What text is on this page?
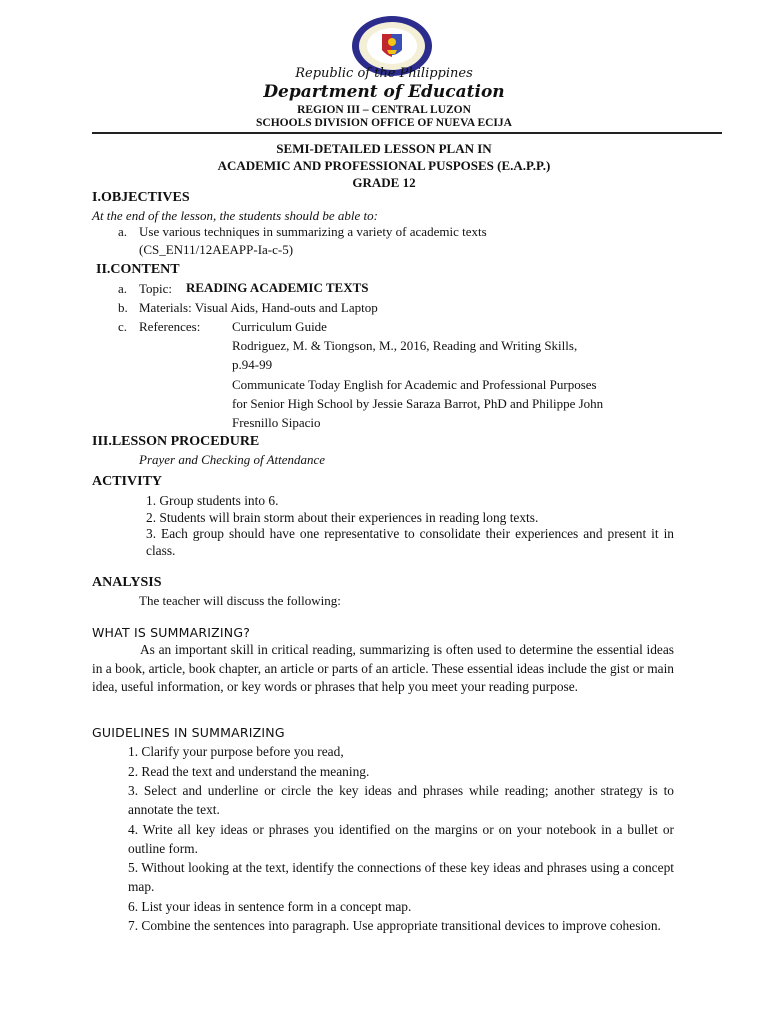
Republic of the Philippines
Department of Education
REGION III – CENTRAL LUZON
SCHOOLS DIVISION OFFICE OF NUEVA ECIJA
SEMI-DETAILED LESSON PLAN IN
ACADEMIC AND PROFESSIONAL PUSPOSES (E.A.P.P.)
GRADE 12
I.OBJECTIVES
At the end of the lesson, the students should be able to:
a. Use various techniques in summarizing a variety of academic texts
(CS_EN11/12AEAPP-Ia-c-5)
II.CONTENT
a. Topic: READING ACADEMIC TEXTS
b. Materials: Visual Aids, Hand-outs and Laptop
c. References: Curriculum Guide
Rodriguez, M. & Tiongson, M., 2016, Reading and Writing Skills,
p.94-99
Communicate Today English for Academic and Professional Purposes
for Senior High School by Jessie Saraza Barrot, PhD and Philippe John
Fresnillo Sipacio
III.LESSON PROCEDURE
Prayer and Checking of Attendance
ACTIVITY
1. Group students into 6.
2. Students will brain storm about their experiences in reading long texts.
3. Each group should have one representative to consolidate their experiences and present it in class.
ANALYSIS
The teacher will discuss the following:
WHAT IS SUMMARIZING?
As an important skill in critical reading, summarizing is often used to determine the essential ideas in a book, article, book chapter, an article or parts of an article. These essential ideas include the gist or main idea, useful information, or key words or phrases that help you meet your reading purpose.
GUIDELINES IN SUMMARIZING
1. Clarify your purpose before you read,
2. Read the text and understand the meaning.
3. Select and underline or circle the key ideas and phrases while reading; another strategy is to annotate the text.
4. Write all key ideas or phrases you identified on the margins or on your notebook in a bullet or outline form.
5. Without looking at the text, identify the connections of these key ideas and phrases using a concept map.
6. List your ideas in sentence form in a concept map.
7. Combine the sentences into paragraph. Use appropriate transitional devices to improve cohesion.
